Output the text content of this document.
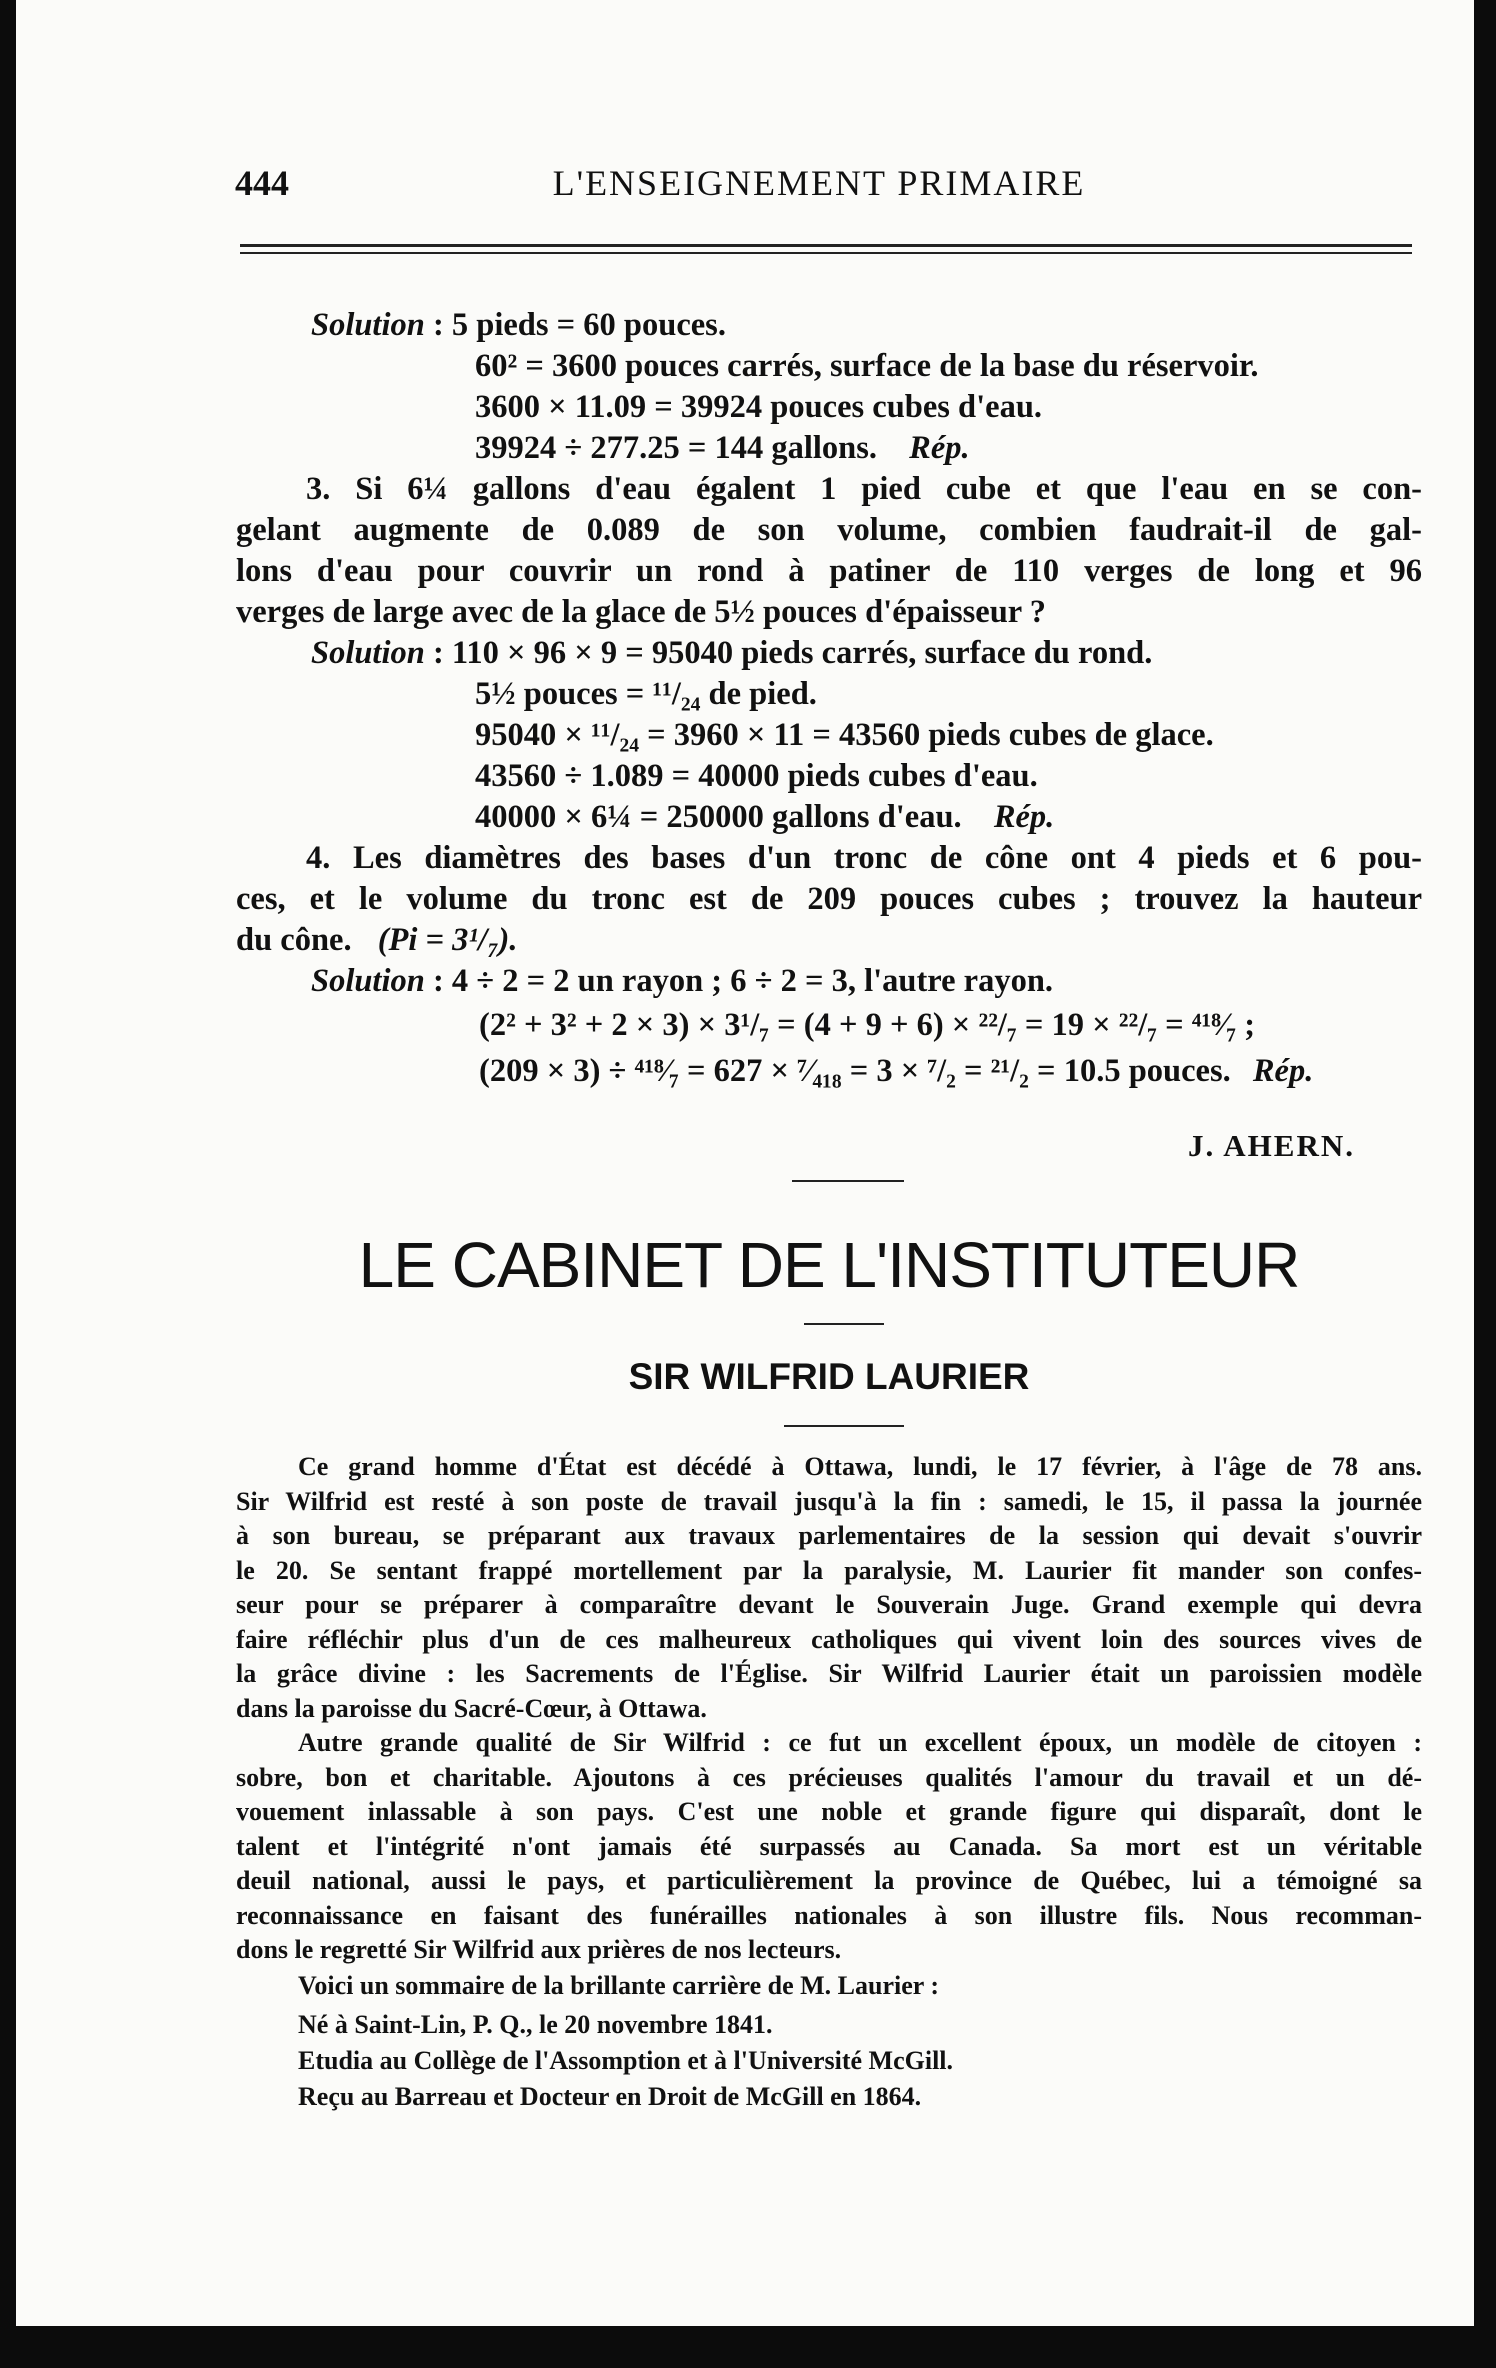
444	L'ENSEIGNEMENT PRIMAIRE
Solution : 5 pieds = 60 pouces.
60² = 3600 pouces carrés, surface de la base du réservoir.
3600 × 11.09 = 39924 pouces cubes d'eau.
39924 ÷ 277.25 = 144 gallons. Rép.
3. Si 6¼ gallons d'eau égalent 1 pied cube et que l'eau en se con-
gelant augmente de 0.089 de son volume, combien faudrait-il de gal-
lons d'eau pour couvrir un rond à patiner de 110 verges de long et 96
verges de large avec de la glace de 5½ pouces d'épaisseur ?
Solution : 110 × 96 × 9 = 95040 pieds carrés, surface du rond.
5½ pouces = ¹¹/₂₄ de pied.
95040 × ¹¹/₂₄ = 3960 × 11 = 43560 pieds cubes de glace.
43560 ÷ 1.089 = 40000 pieds cubes d'eau.
40000 × 6¼ = 250000 gallons d'eau. Rép.
4. Les diamètres des bases d'un tronc de cône ont 4 pieds et 6 pou-
ces, et le volume du tronc est de 209 pouces cubes ; trouvez la hauteur
du cône. (Pi = 3¹/₇).
Solution : 4 ÷ 2 = 2 un rayon ; 6 ÷ 2 = 3, l'autre rayon.
(2² + 3² + 2 × 3) × 3¹/₇ = (4 + 9 + 6) × ²²/₇ = 19 × ²²/₇ = ⁴¹⁸⁄₇ ;
(209 × 3) ÷ ⁴¹⁸⁄₇ = 627 × ⁷⁄₄₁₈ = 3 × ⁷/₂ = ²¹/₂ = 10.5 pouces. Rép.
J. AHERN.
LE CABINET DE L'INSTITUTEUR
SIR WILFRID LAURIER
Ce grand homme d'État est décédé à Ottawa, lundi, le 17 février, à l'âge de 78 ans.
Sir Wilfrid est resté à son poste de travail jusqu'à la fin : samedi, le 15, il passa la journée
à son bureau, se préparant aux travaux parlementaires de la session qui devait s'ouvrir
le 20. Se sentant frappé mortellement par la paralysie, M. Laurier fit mander son confes-
seur pour se préparer à comparaître devant le Souverain Juge. Grand exemple qui devra
faire réfléchir plus d'un de ces malheureux catholiques qui vivent loin des sources vives de
la grâce divine : les Sacrements de l'Église. Sir Wilfrid Laurier était un paroissien modèle
dans la paroisse du Sacré-Cœur, à Ottawa.
Autre grande qualité de Sir Wilfrid : ce fut un excellent époux, un modèle de citoyen :
sobre, bon et charitable. Ajoutons à ces précieuses qualités l'amour du travail et un dé-
vouement inlassable à son pays. C'est une noble et grande figure qui disparaît, dont le
talent et l'intégrité n'ont jamais été surpassés au Canada. Sa mort est un véritable
deuil national, aussi le pays, et particulièrement la province de Québec, lui a témoigné sa
reconnaissance en faisant des funérailles nationales à son illustre fils. Nous recomman-
dons le regretté Sir Wilfrid aux prières de nos lecteurs.
Voici un sommaire de la brillante carrière de M. Laurier :
Né à Saint-Lin, P. Q., le 20 novembre 1841.
Etudia au Collège de l'Assomption et à l'Université McGill.
Reçu au Barreau et Docteur en Droit de McGill en 1864.
